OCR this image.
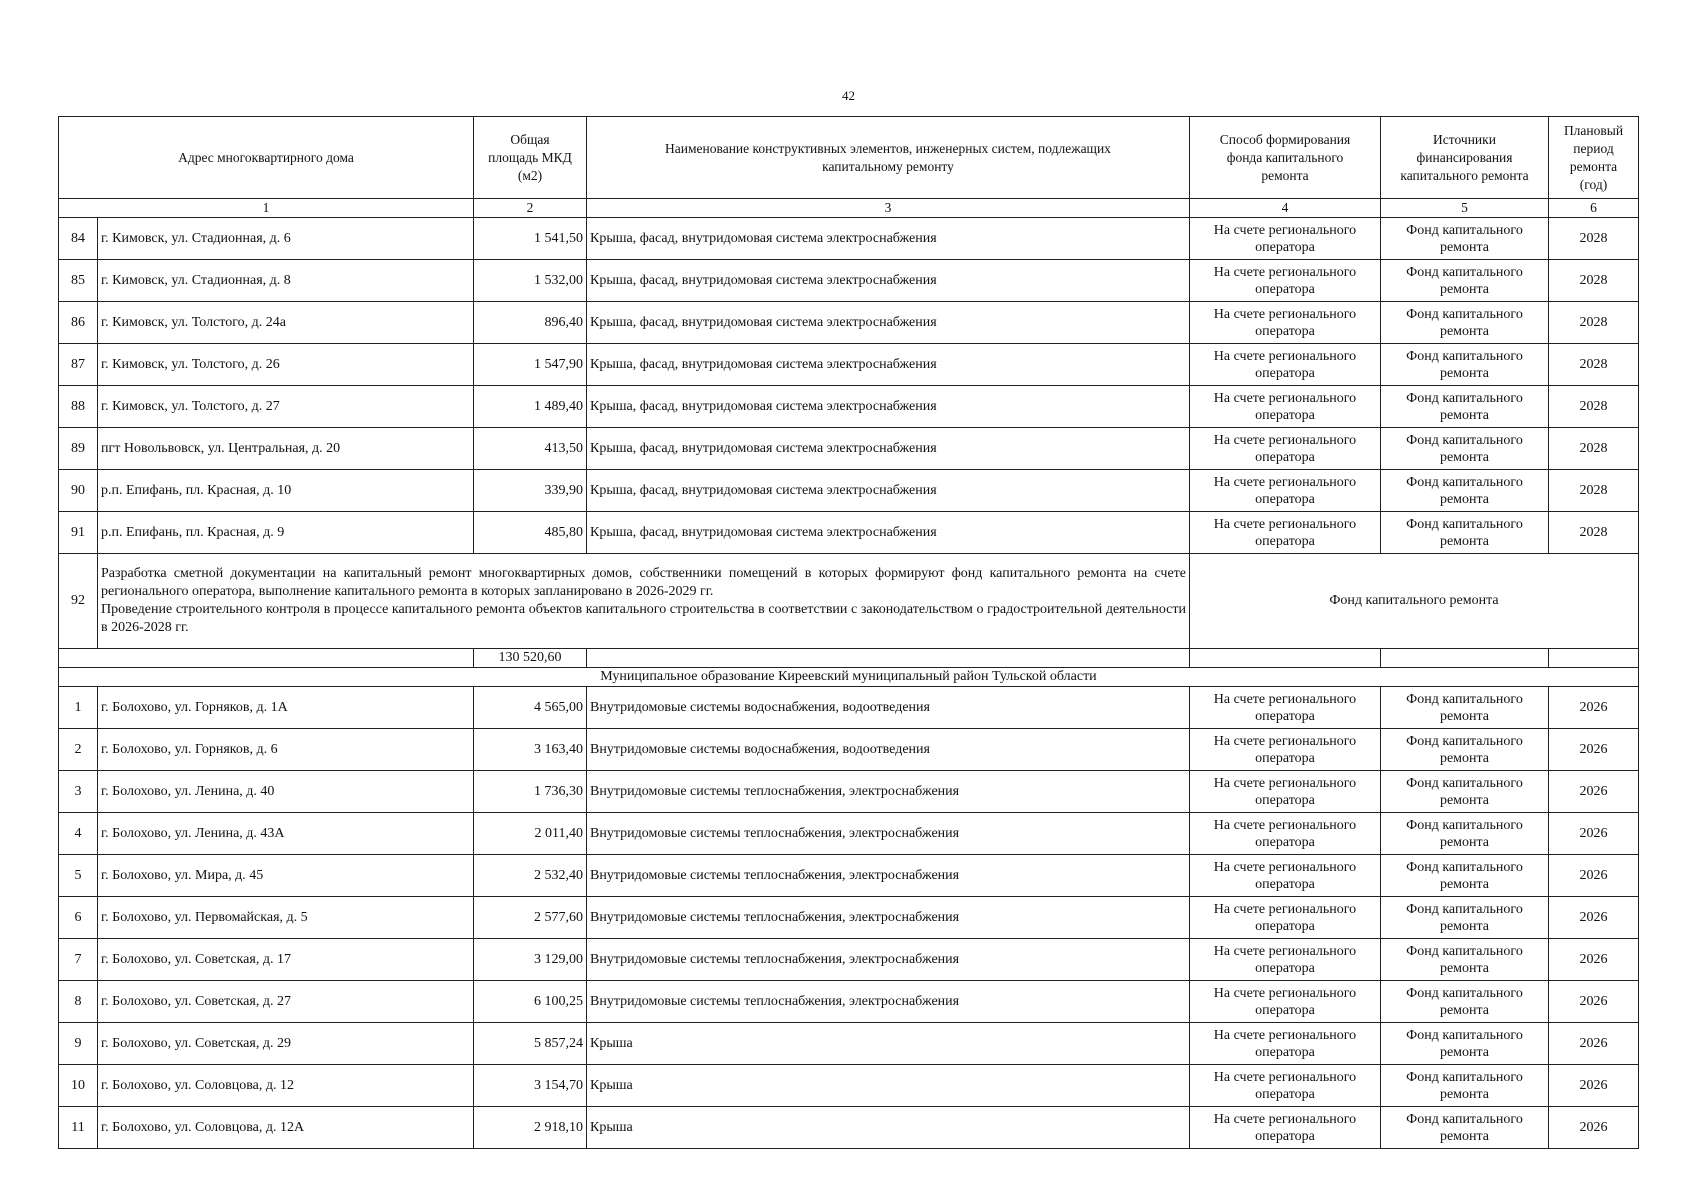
42
Адрес многоквартирного дома		Общая
площадь МКД
(м2)	Наименование конструктивных элементов, инженерных систем, подлежащих
капитальному ремонту	Способ формирования
фонда капитального
ремонта	Источники
финансирования
капитального ремонта	Плановый
период
ремонта
(год)

1		2	3	4	5	6
84	г. Кимовск, ул. Стадионная, д. 6	1 541,50	Крыша, фасад, внутридомовая система электроснабжения	На счете регионального
оператора	Фонд капитального
ремонта	2028
85	г. Кимовск, ул. Стадионная, д. 8	1 532,00	Крыша, фасад, внутридомовая система электроснабжения	На счете регионального
оператора	Фонд капитального
ремонта	2028
86	г. Кимовск, ул. Толстого, д. 24а	896,40	Крыша, фасад, внутридомовая система электроснабжения	На счете регионального
оператора	Фонд капитального
ремонта	2028
87	г. Кимовск, ул. Толстого, д. 26	1 547,90	Крыша, фасад, внутридомовая система электроснабжения	На счете регионального
оператора	Фонд капитального
ремонта	2028
88	г. Кимовск, ул. Толстого, д. 27	1 489,40	Крыша, фасад, внутридомовая система электроснабжения	На счете регионального
оператора	Фонд капитального
ремонта	2028
89	пгт Новольвовск, ул. Центральная, д. 20	413,50	Крыша, фасад, внутридомовая система электроснабжения	На счете регионального
оператора	Фонд капитального
ремонта	2028
90	р.п. Епифань, пл. Красная, д. 10	339,90	Крыша, фасад, внутридомовая система электроснабжения	На счете регионального
оператора	Фонд капитального
ремонта	2028
91	р.п. Епифань, пл. Красная, д. 9	485,80	Крыша, фасад, внутридомовая система электроснабжения	На счете регионального
оператора	Фонд капитального
ремонта	2028
92	Разработка сметной документации на капитальный ремонт многоквартирных домов, собственники помещений в которых формируют фонд капитального ремонта на счете регионального оператора, выполнение капитального ремонта в которых запланировано в 2026-2029 гг.
Проведение строительного контроля в процессе капитального ремонта объектов капитального строительства в соответствии с законодательством о градостроительной деятельности в 2026-2028 гг.			Фонд капитального ремонта		
		130 520,60				
Муниципальное образование Киреевский муниципальный район Тульской области						
1	г. Болохово, ул. Горняков, д. 1А	4 565,00	Внутридомовые системы водоснабжения, водоотведения	На счете регионального
оператора	Фонд капитального
ремонта	2026
2	г. Болохово, ул. Горняков, д. 6	3 163,40	Внутридомовые системы водоснабжения, водоотведения	На счете регионального
оператора	Фонд капитального
ремонта	2026
3	г. Болохово, ул. Ленина, д. 40	1 736,30	Внутридомовые системы теплоснабжения, электроснабжения	На счете регионального
оператора	Фонд капитального
ремонта	2026
4	г. Болохово, ул. Ленина, д. 43А	2 011,40	Внутридомовые системы теплоснабжения, электроснабжения	На счете регионального
оператора	Фонд капитального
ремонта	2026
5	г. Болохово, ул. Мира, д. 45	2 532,40	Внутридомовые системы теплоснабжения, электроснабжения	На счете регионального
оператора	Фонд капитального
ремонта	2026
6	г. Болохово, ул. Первомайская, д. 5	2 577,60	Внутридомовые системы теплоснабжения, электроснабжения	На счете регионального
оператора	Фонд капитального
ремонта	2026
7	г. Болохово, ул. Советская, д. 17	3 129,00	Внутридомовые системы теплоснабжения, электроснабжения	На счете регионального
оператора	Фонд капитального
ремонта	2026
8	г. Болохово, ул. Советская, д. 27	6 100,25	Внутридомовые системы теплоснабжения, электроснабжения	На счете регионального
оператора	Фонд капитального
ремонта	2026
9	г. Болохово, ул. Советская, д. 29	5 857,24	Крыша	На счете регионального
оператора	Фонд капитального
ремонта	2026
10	г. Болохово, ул. Соловцова, д. 12	3 154,70	Крыша	На счете регионального
оператора	Фонд капитального
ремонта	2026
11	г. Болохово, ул. Соловцова, д. 12А	2 918,10	Крыша	На счете регионального
оператора	Фонд капитального
ремонта	2026
